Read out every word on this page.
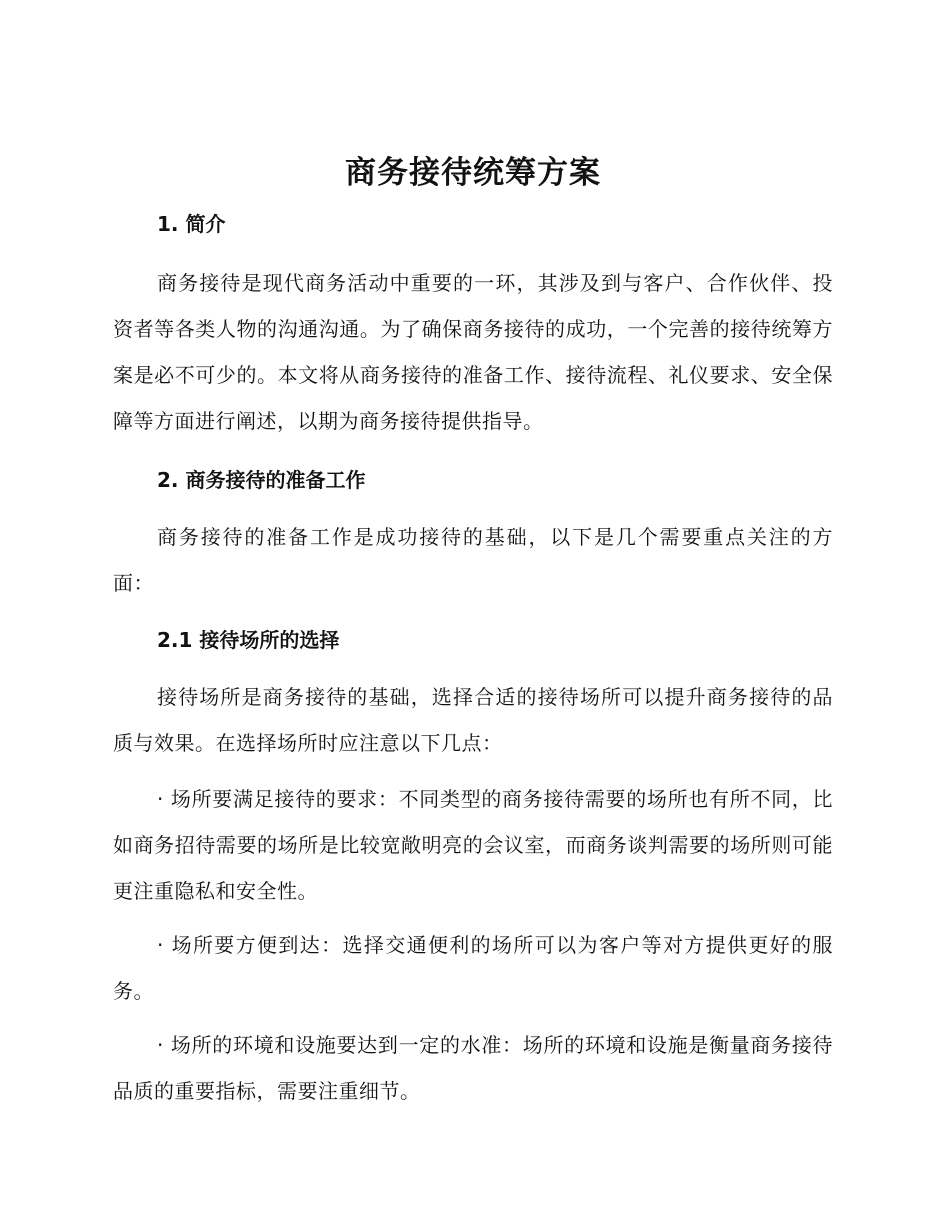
商务接待统筹方案
1. 简介

商务接待是现代商务活动中重要的一环，其涉及到与客户、合作伙伴、投资者等各类人物的沟通沟通。为了确保商务接待的成功，一个完善的接待统筹方案是必不可少的。本文将从商务接待的准备工作、接待流程、礼仪要求、安全保障等方面进行阐述，以期为商务接待提供指导。

2. 商务接待的准备工作

商务接待的准备工作是成功接待的基础，以下是几个需要重点关注的方面：

2.1 接待场所的选择

接待场所是商务接待的基础，选择合适的接待场所可以提升商务接待的品质与效果。在选择场所时应注意以下几点：

· 场所要满足接待的要求：不同类型的商务接待需要的场所也有所不同，比如商务招待需要的场所是比较宽敞明亮的会议室，而商务谈判需要的场所则可能更注重隐私和安全性。

· 场所要方便到达：选择交通便利的场所可以为客户等对方提供更好的服务。

· 场所的环境和设施要达到一定的水准：场所的环境和设施是衡量商务接待品质的重要指标，需要注重细节。
